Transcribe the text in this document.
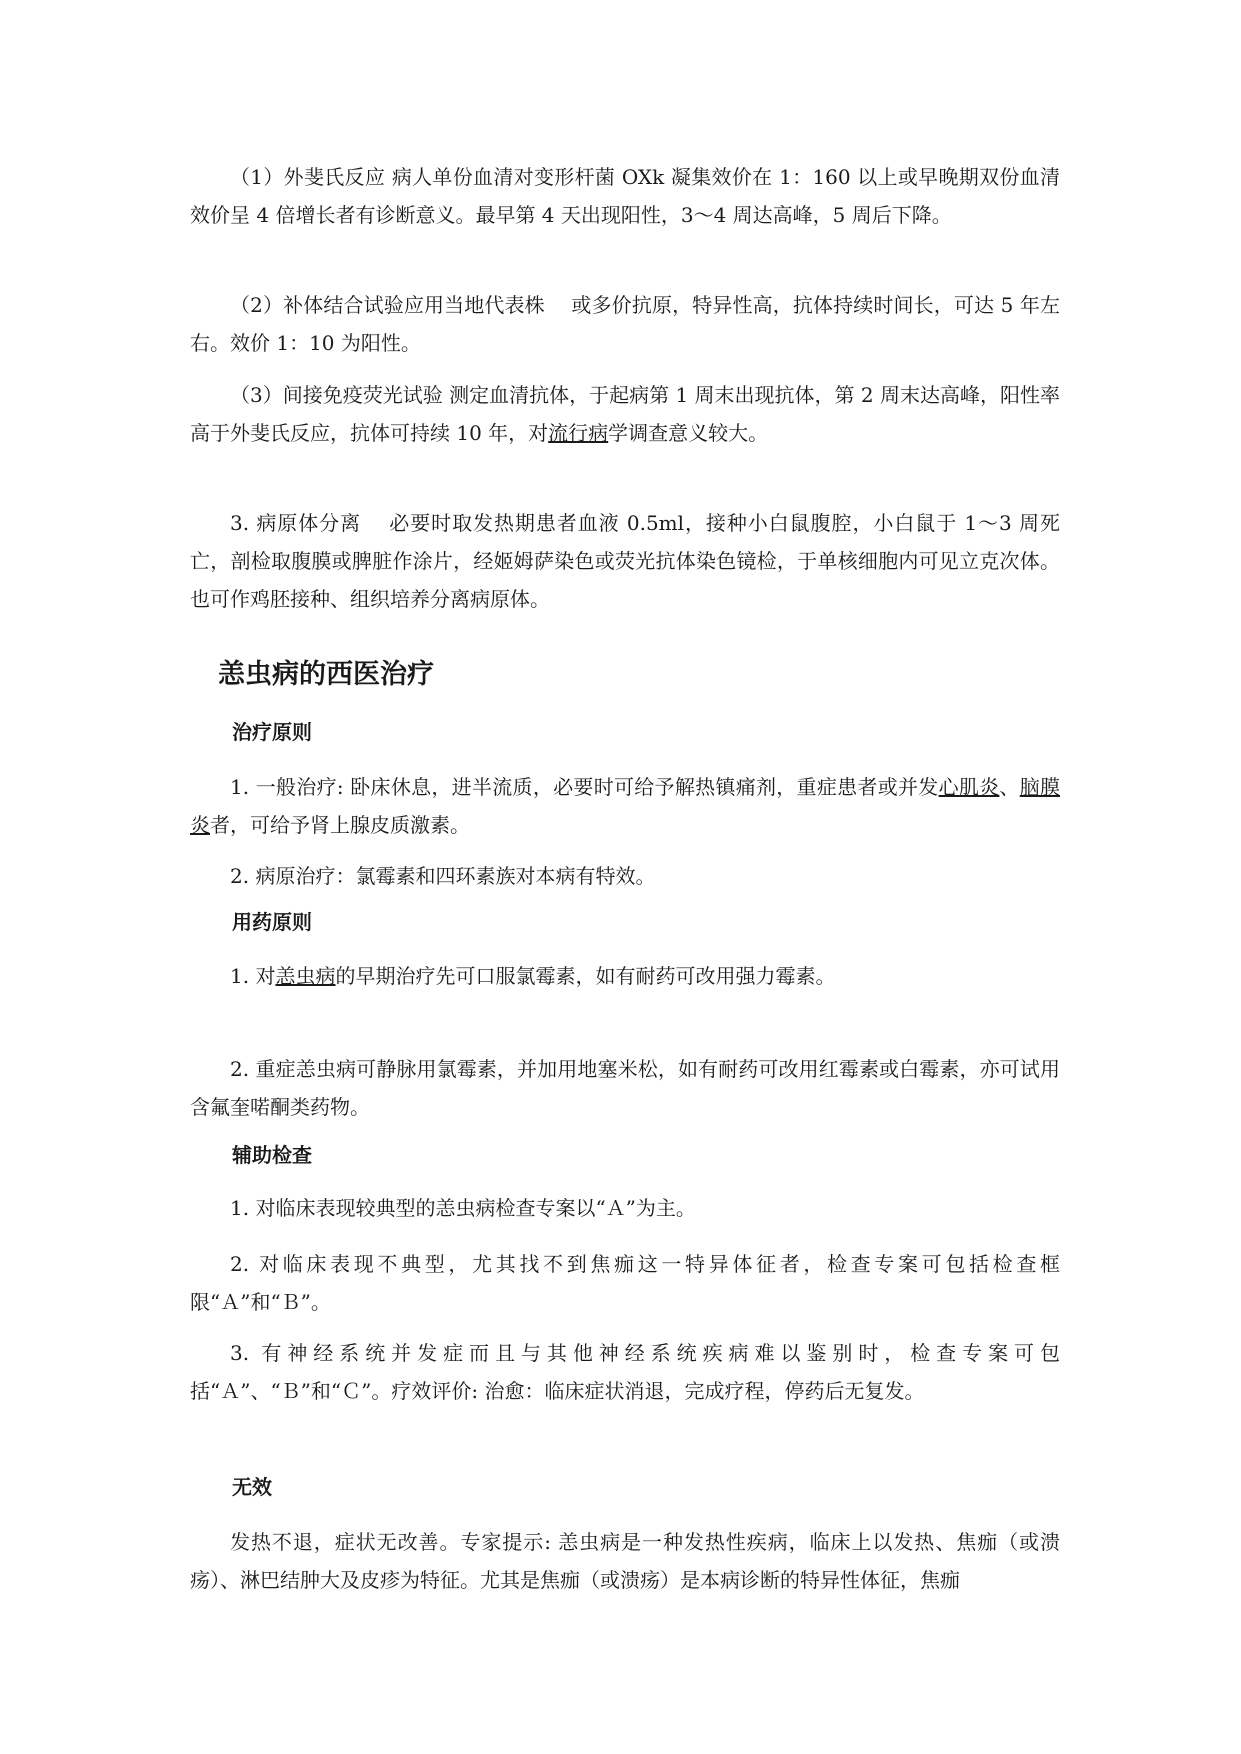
（1）外斐氏反应 病人单份血清对变形杆菌 OXk 凝集效价在 1：160 以上或早晚期双份血清效价呈 4 倍增长者有诊断意义。最早第 4 天出现阳性，3～4 周达高峰，5 周后下降。

（2）补体结合试验应用当地代表株 　或多价抗原，特异性高，抗体持续时间长，可达 5 年左右。效价 1：10 为阳性。

（3）间接免疫荧光试验 测定血清抗体，于起病第 1 周末出现抗体，第 2 周末达高峰，阳性率高于外斐氏反应，抗体可持续 10 年，对流行病学调查意义较大。

3. 病原体分离 　必要时取发热期患者血液 0.5ml，接种小白鼠腹腔，小白鼠于 1～3 周死亡，剖检取腹膜或脾脏作涂片，经姬姆萨染色或荧光抗体染色镜检，于单核细胞内可见立克次体。也可作鸡胚接种、组织培养分离病原体。

恙虫病的西医治疗
治疗原则

1. 一般治疗: 卧床休息，进半流质，必要时可给予解热镇痛剂，重症患者或并发心肌炎、脑膜炎者，可给予肾上腺皮质激素。

2. 病原治疗：氯霉素和四环素族对本病有特效。

用药原则

1. 对恙虫病的早期治疗先可口服氯霉素，如有耐药可改用强力霉素。

2. 重症恙虫病可静脉用氯霉素，并加用地塞米松，如有耐药可改用红霉素或白霉素，亦可试用含氟奎喏酮类药物。

辅助检查

1. 对临床表现较典型的恙虫病检查专案以“Ａ”为主。

2. 对临床表现不典型，尤其找不到焦痂这一特异体征者，检查专案可包括检查框限“Ａ”和“Ｂ”。

3. 有神经系统并发症而且与其他神经系统疾病难以鉴别时，检查专案可包括“Ａ”、“Ｂ”和“Ｃ”。疗效评价: 治愈：临床症状消退，完成疗程，停药后无复发。

无效

发热不退，症状无改善。专家提示: 恙虫病是一种发热性疾病，临床上以发热、焦痂（或溃疡）、淋巴结肿大及皮疹为特征。尤其是焦痂（或溃疡）是本病诊断的特异性体征，焦痂
